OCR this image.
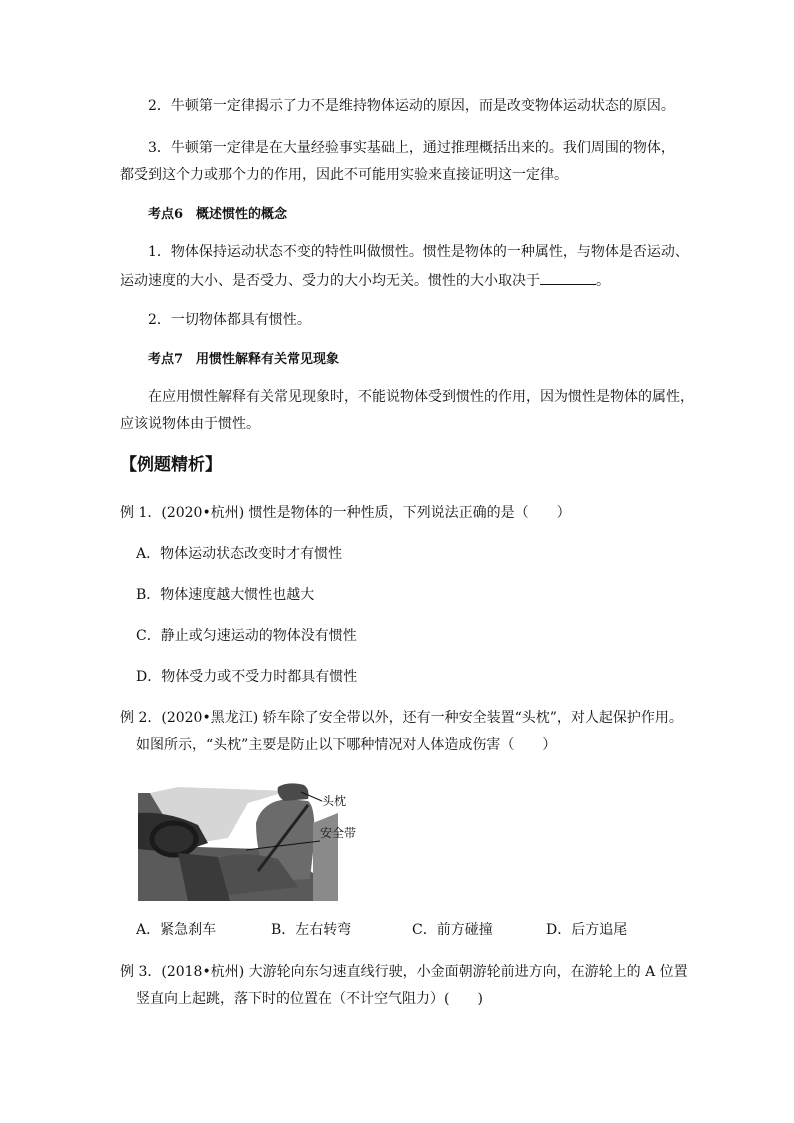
2．牛顿第一定律揭示了力不是维持物体运动的原因，而是改变物体运动状态的原因。
3．牛顿第一定律是在大量经验事实基础上，通过推理概括出来的。我们周围的物体，
都受到这个力或那个力的作用，因此不可能用实验来直接证明这一定律。
考点6　概述惯性的概念
1．物体保持运动状态不变的特性叫做惯性。惯性是物体的一种属性，与物体是否运动、
运动速度的大小、是否受力、受力的大小均无关。惯性的大小取决于	。
2．一切物体都具有惯性。
考点7　用惯性解释有关常见现象
在应用惯性解释有关常见现象时，不能说物体受到惯性的作用，因为惯性是物体的属性，
应该说物体由于惯性。
【例题精析】
例 1．(2020•杭州) 惯性是物体的一种性质，下列说法正确的是（　　）
A．物体运动状态改变时才有惯性
B．物体速度越大惯性也越大
C．静止或匀速运动的物体没有惯性
D．物体受力或不受力时都具有惯性
例 2．(2020•黑龙江) 轿车除了安全带以外，还有一种安全装置“头枕”，对人起保护作用。
如图所示，“头枕”主要是防止以下哪种情况对人体造成伤害（　　）
头枕
安全带
A．紧急刹车	B．左右转弯	C．前方碰撞	D．后方追尾
例 3．(2018•杭州) 大游轮向东匀速直线行驶，小金面朝游轮前进方向，在游轮上的 A 位置
竖直向上起跳，落下时的位置在（不计空气阻力）(　　)
